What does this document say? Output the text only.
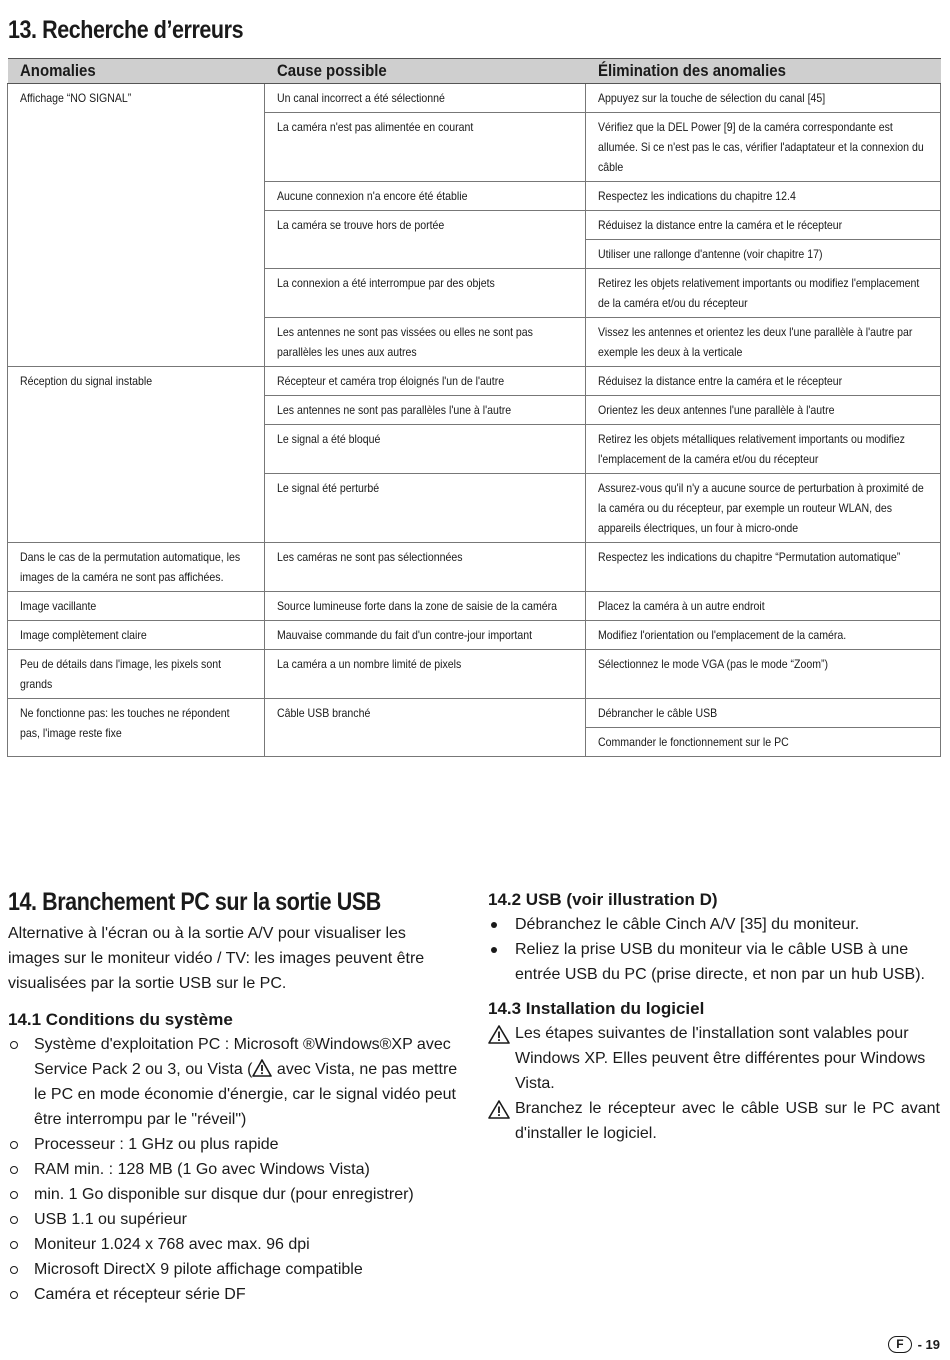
13. Recherche d’erreurs
Anomalies	Cause possible	Élimination des anomalies
Affichage “NO SIGNAL”	Un canal incorrect a été sélectionné	Appuyez sur la touche de sélection du canal [45]
	La caméra n'est pas alimentée en courant	Vérifiez que la DEL Power [9] de la caméra correspondante est allumée. Si ce n'est pas le cas, vérifier l'adaptateur et la connexion du câble
	Aucune connexion n'a encore été établie	Respectez les indications du chapitre 12.4
	La caméra se trouve hors de portée	Réduisez la distance entre la caméra et le récepteur
		Utiliser une rallonge d'antenne (voir chapitre 17)
	La connexion a été interrompue par des objets	Retirez les objets relativement importants ou modifiez l'emplacement de la caméra et/ou du récepteur
	Les antennes ne sont pas vissées ou elles ne sont pas parallèles les unes aux autres	Vissez les antennes et orientez les deux l'une parallèle à l'autre par exemple les deux à la verticale
Réception du signal instable	Récepteur et caméra trop éloignés l'un de l'autre	Réduisez la distance entre la caméra et le récepteur
	Les antennes ne sont pas parallèles l'une à l'autre	Orientez les deux antennes l'une parallèle à l'autre
	Le signal a été bloqué	Retirez les objets métalliques relativement importants ou modifiez l'emplacement de la caméra et/ou du récepteur
	Le signal été perturbé	Assurez-vous qu'il n'y a aucune source de perturbation à proximité de la caméra ou du récepteur, par exemple un routeur WLAN, des appareils électriques, un four à micro-onde
Dans le cas de la permutation automatique, les images de la caméra ne sont pas affichées.	Les caméras ne sont pas sélectionnées	Respectez les indications du chapitre “Permutation automatique”
Image vacillante	Source lumineuse forte dans la zone de saisie de la caméra	Placez la caméra à un autre endroit
Image complètement claire	Mauvaise commande du fait d'un contre-jour important	Modifiez l'orientation ou l'emplacement de la caméra.
Peu de détails dans l'image, les pixels sont grands	La caméra a un nombre limité de pixels	Sélectionnez le mode VGA (pas le mode “Zoom”)
Ne fonctionne pas: les touches ne répondent pas, l'image reste fixe	Câble USB branché	Débrancher le câble USB
		Commander le fonctionnement sur le PC
14. Branchement PC sur la sortie USB

Alternative à l'écran ou à la sortie A/V pour visualiser les images sur le moniteur vidéo / TV: les images peuvent être visualisées par la sortie USB sur le PC.

14.1 Conditions du système

Système d'exploitation PC : Microsoft ®Windows®XP avec Service Pack 2 ou 3, ou Vista ( avec Vista, ne pas mettre le PC en mode économie d'énergie, car le signal vidéo peut être interrompu par le "réveil")
Processeur : 1 GHz ou plus rapide
RAM min. : 128 MB (1 Go avec Windows Vista)
min. 1 Go disponible sur disque dur (pour enregistrer)
USB 1.1 ou supérieur
Moniteur 1.024 x 768 avec max. 96 dpi
Microsoft DirectX 9 pilote affichage compatible
Caméra et récepteur série DF

14.2 USB (voir illustration D)

Débranchez le câble Cinch A/V [35] du moniteur.
Reliez la prise USB du moniteur via le câble USB à une entrée USB du PC (prise directe, et non par un hub USB).

14.3 Installation du logiciel

Les étapes suivantes de l'installation sont valables pour Windows XP. Elles peuvent être différentes pour Windows Vista.
Branchez le récepteur avec le câble USB sur le PC avant d'installer le logiciel.
F	- 19
